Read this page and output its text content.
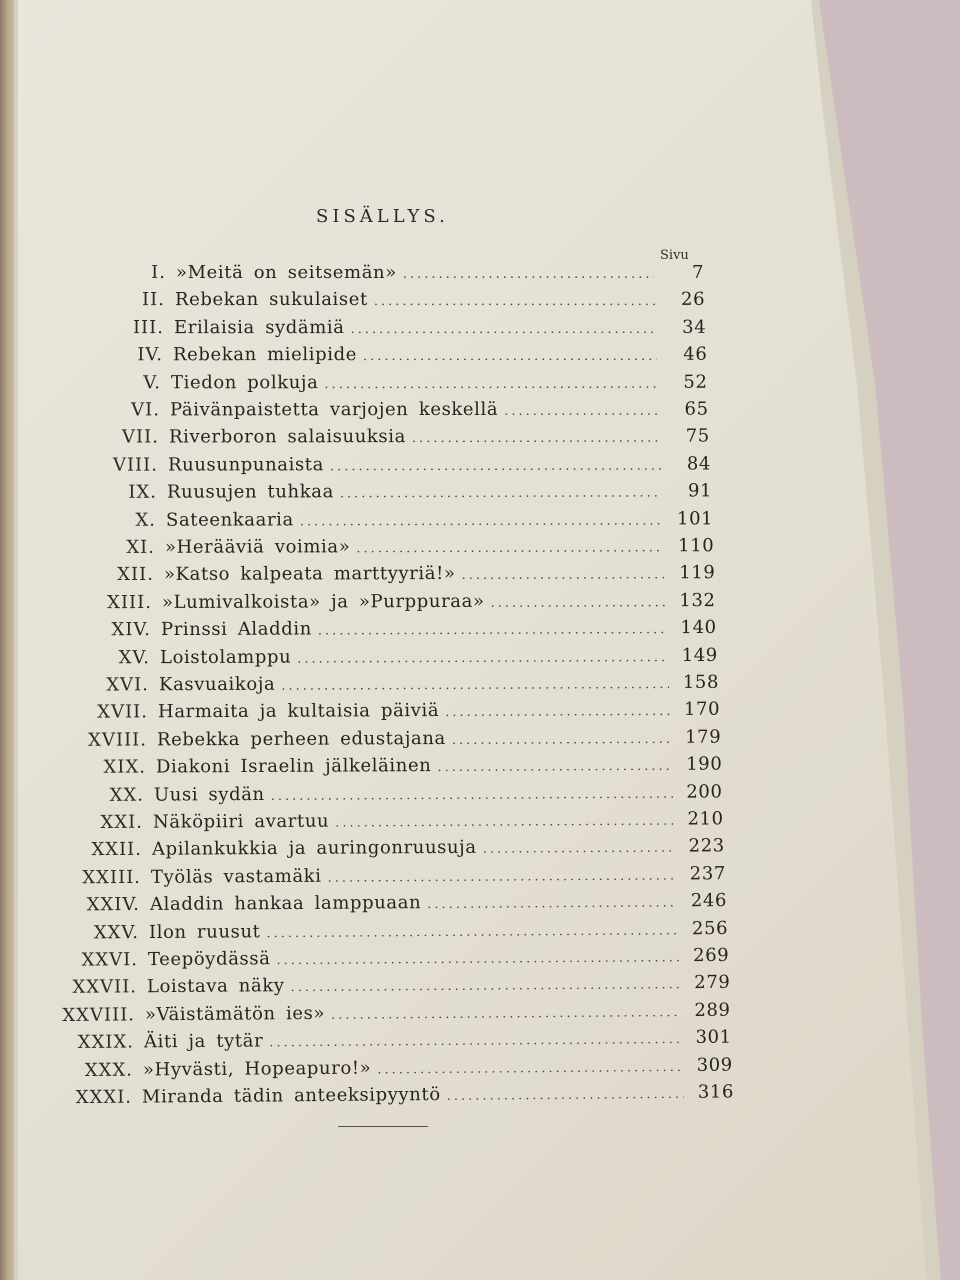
SISÄLLYS.
Sivu
I. »Meitä on seitsemän» .....	7
II. Rebekan sukulaiset .....	26
III. Erilaisia sydämiä .....	34
IV. Rebekan mielipide .....	46
V. Tiedon polkuja .....	52
VI. Päivänpaistetta varjojen keskellä .....	65
VII. Riverboron salaisuuksia .....	75
VIII. Ruusunpunaista .....	84
IX. Ruusujen tuhkaa .....	91
X. Sateenkaaria .....	101
XI. »Herääviä voimia» .....	110
XII. »Katso kalpeata marttyyriä!» .....	119
XIII. »Lumivalkoista» ja »Purppuraa» .....	132
XIV. Prinssi Aladdin .....	140
XV. Loistolamppu .....	149
XVI. Kasvuaikoja .....	158
XVII. Harmaita ja kultaisia päiviä .....	170
XVIII. Rebekka perheen edustajana .....	179
XIX. Diakoni Israelin jälkeläinen .....	190
XX. Uusi sydän .....	200
XXI. Näköpiiri avartuu .....	210
XXII. Apilankukkia ja auringonruusuja .....	223
XXIII. Työläs vastamäki .....	237
XXIV. Aladdin hankaa lamppuaan .....	246
XXV. Ilon ruusut .....	256
XXVI. Teepöydässä .....	269
XXVII. Loistava näky .....	279
XXVIII. »Väistämätön ies» .....	289
XXIX. Äiti ja tytär .....	301
XXX. »Hyvästi, Hopeapuro!» .....	309
XXXI. Miranda tädin anteeksipyyntö .....	316
